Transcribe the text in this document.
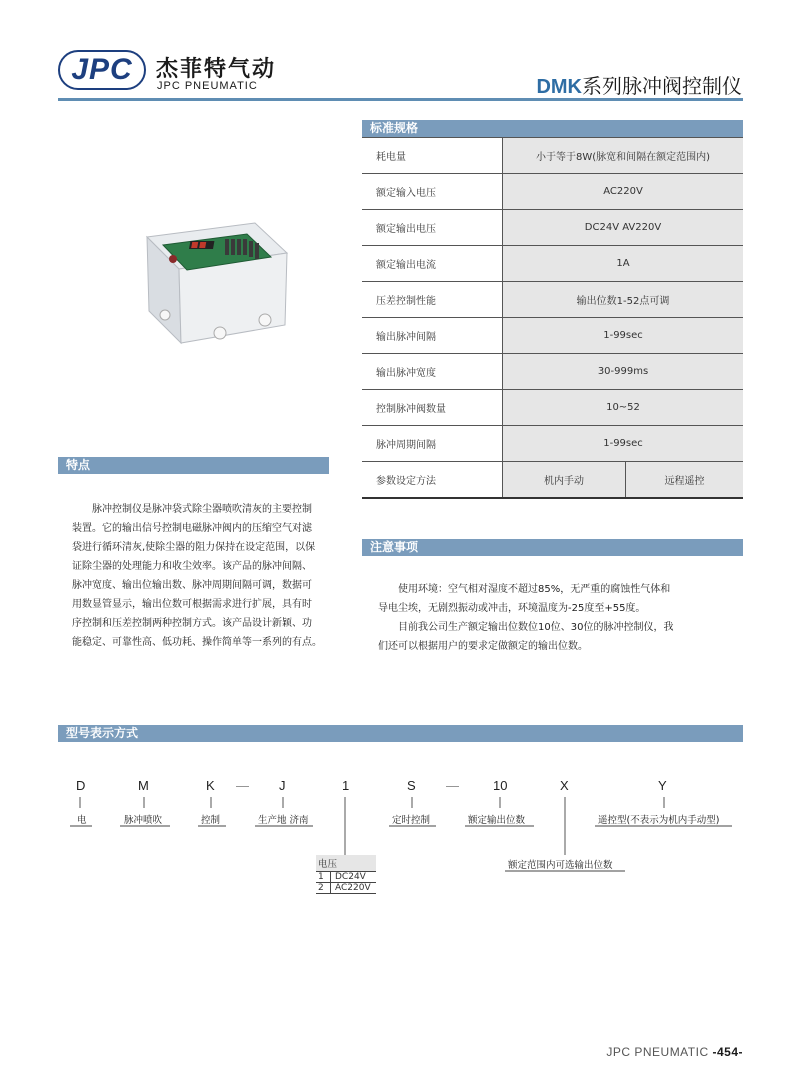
JPC	杰菲特气动
JPC PNEUMATIC	DMK系列脉冲阀控制仪
标准规格
耗电量	小于等于8W(脉宽和间隔在额定范围内)	
额定输入电压	AC220V	
额定输出电压	DC24V AV220V	
额定输出电流	1A	
压差控制性能	输出位数1-52点可调	
输出脉冲间隔	1-99sec	
输出脉冲宽度	30-999ms	
控制脉冲阀数量	10~52	
脉冲周期间隔	1-99sec	
参数设定方法	机内手动	远程遥控
特点
脉冲控制仪是脉冲袋式除尘器喷吹清灰的主要控制
装置。它的输出信号控制电磁脉冲阀内的压缩空气对滤
袋进行循环清灰,使除尘器的阻力保持在设定范围，以保
证除尘器的处理能力和收尘效率。该产品的脉冲间隔、
脉冲宽度、输出位输出数、脉冲周期间隔可调，数据可
用数显管显示，输出位数可根据需求进行扩展，具有时
序控制和压差控制两种控制方式。该产品设计新颖、功
能稳定、可靠性高、低功耗、操作简单等一系列的有点。
注意事项
使用环境：空气相对湿度不超过85%，无严重的腐蚀性气体和
导电尘埃，无剧烈振动或冲击，环境温度为-25度至+55度。
目前我公司生产额定输出位数位10位、30位的脉冲控制仪，我
们还可以根据用户的要求定做额定的输出位数。
型号表示方式
D	M	K — J	1	S —	10	X	Y
电	脉冲喷吹	控制	生产地 济南	定时控制	额定输出位数	遥控型(不表示为机内手动型)
额定范围内可选输出位数
电压
1	DC24V
2	AC220V
JPC PNEUMATIC -454-
